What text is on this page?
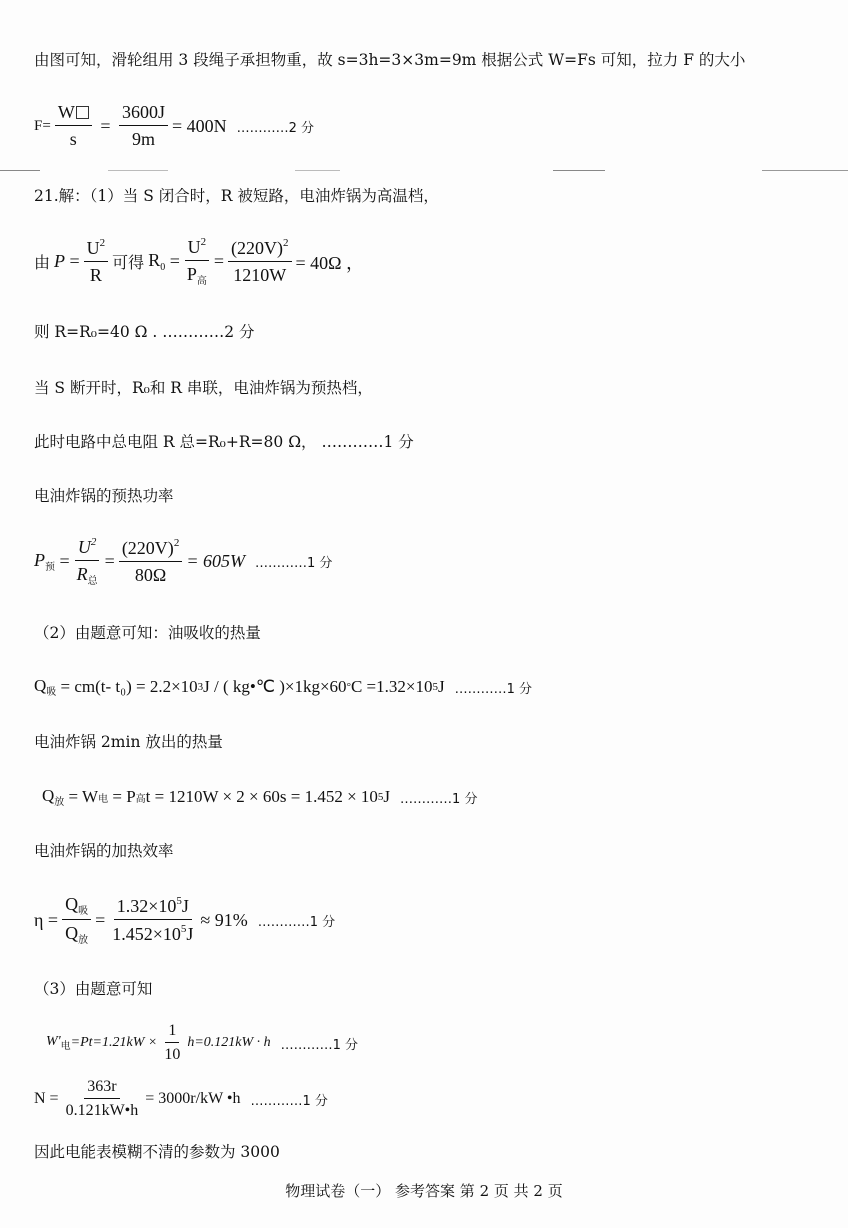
由图可知，滑轮组用 3 段绳子承担物重，故 s=3h=3×3m=9m 根据公式 W=Fs 可知，拉力 F 的大小
$F= \frac{W}{s} = \frac{3600J}{9m} = 400N$ …………2 分
21.解：（1）当 S 闭合时，R 被短路，电油炸锅为高温档，
由 $P = \frac{U^2}{R}$ 可得 $R_0 = \frac{U^2}{P_高} = \frac{(220V)^2}{1210W} = 40\Omega$ ，
则 R=R₀=40 Ω . …………2 分
当 S 断开时，R₀和 R 串联，电油炸锅为预热档，
此时电路中总电阻 R 总=R₀+R=80 Ω， …………1 分
电油炸锅的预热功率
$P_预 = \frac{U^2}{R_总} = \frac{(220V)^2}{80\Omega} = 605W$ …………1 分
（2）由题意可知：油吸收的热量
$Q_吸$
= cm(t- t₀) = 2.2×10 3 J / ( kg•℃ )×1kg×60 ° C =1.32×10 5 J …………1 分
电油炸锅 2min 放出的热量
$Q_放$
= W 电
= P 高 t = 1210W × 2 × 60s = 1.452 × 10 5 J …………1 分
电油炸锅的加热效率
$\eta = \frac{Q_吸}{Q_放} = \frac{1.32\times 10^5J}{1.452\times 10^5J} \approx 91\%$ …………1 分
（3）由题意可知
$W'_电 =Pt=1.21kW \times \frac{1}{10} h=0.121kW \cdot h$ …………1 分
$N = \frac{363r}{0.121kW•h} = 3000r/kW$ •h …………1 分
因此电能表模糊不清的参数为 3000
物理试卷（一） 参考答案 第 2 页 共 2 页
